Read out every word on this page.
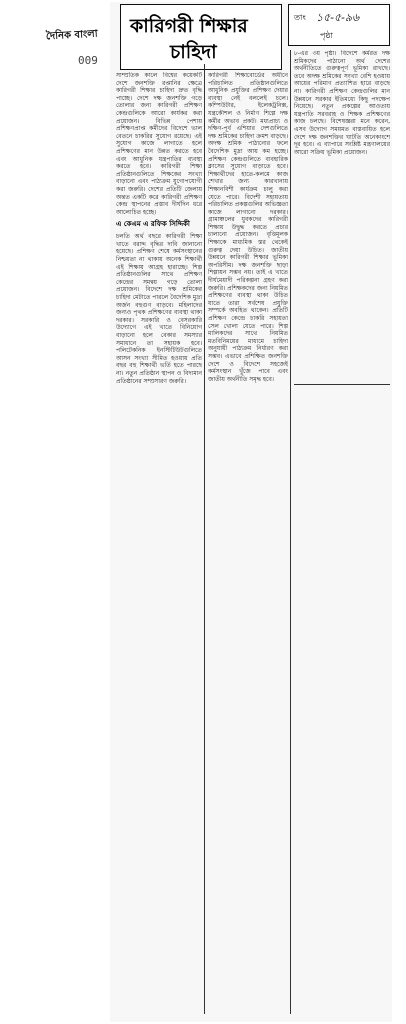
দৈনিক বাংলা
009
কারিগরী শিক্ষার
চাহিদা
তাং ১৫-৫-৯৬
পৃষ্ঠা
সাম্প্রতিক কালে বিশ্বের কয়েকটি দেশে জনশক্তি রপ্তানির ক্ষেত্রে কারিগরী শিক্ষার চাহিদা দ্রুত বৃদ্ধি পাচ্ছে। দেশে দক্ষ জনশক্তি গড়ে তোলার জন্য কারিগরী প্রশিক্ষণ কেন্দ্রগুলিকে আরো কার্যকর করা প্রয়োজন। বিভিন্ন পেশায় প্রশিক্ষণপ্রাপ্ত কর্মীদের বিদেশে ভাল বেতনে চাকরির সুযোগ রয়েছে। এই সুযোগ কাজে লাগাতে হলে প্রশিক্ষণের মান উন্নত করতে হবে এবং আধুনিক যন্ত্রপাতির ব্যবস্থা করতে হবে। কারিগরী শিক্ষা প্রতিষ্ঠানগুলিতে শিক্ষকের সংখ্যা বাড়ানো এবং পাঠ্যক্রম যুগোপযোগী করা জরুরি। দেশের প্রতিটি জেলায় অন্তত একটি করে কারিগরী প্রশিক্ষণ কেন্দ্র স্থাপনের প্রস্তাব দীর্ঘদিন ধরে আলোচিত হচ্ছে।
এ কেএম এ রফিক সিদ্দিকী
চলতি অর্থ বছরে কারিগরী শিক্ষা খাতে বরাদ্দ বৃদ্ধির দাবি জানানো হয়েছে। প্রশিক্ষণ শেষে কর্মসংস্থানের নিশ্চয়তা না থাকায় অনেক শিক্ষার্থী এই শিক্ষায় আগ্রহ হারাচ্ছে। শিল্প প্রতিষ্ঠানগুলির সাথে প্রশিক্ষণ কেন্দ্রের সমন্বয় গড়ে তোলা প্রয়োজন। বিদেশে দক্ষ শ্রমিকের চাহিদা মেটাতে পারলে বৈদেশিক মুদ্রা অর্জন বহুগুণ বাড়বে। মহিলাদের জন্যও পৃথক প্রশিক্ষণের ব্যবস্থা থাকা দরকার। সরকারি ও বেসরকারি উদ্যোগে এই খাতে বিনিয়োগ বাড়ানো হলে বেকার সমস্যার সমাধানে তা সহায়ক হবে। পলিটেকনিক ইনস্টিটিউটগুলিতে আসন সংখ্যা সীমিত হওয়ায় প্রতি বছর বহু শিক্ষার্থী ভর্তি হতে পারছে না। নতুন প্রতিষ্ঠান স্থাপন ও বিদ্যমান প্রতিষ্ঠানের সম্প্রসারণ জরুরি।
কারিগরী শিক্ষাবোর্ডের অধীনে পরিচালিত প্রতিষ্ঠানগুলিতে আধুনিক প্রযুক্তির প্রশিক্ষণ দেয়ার ব্যবস্থা নেই বললেই চলে। কম্পিউটার, ইলেকট্রনিক্স, যন্ত্রকৌশল ও নির্মাণ শিল্পে দক্ষ কর্মীর অভাব প্রকট। মধ্যপ্রাচ্য ও দক্ষিণ-পূর্ব এশিয়ার দেশগুলিতে দক্ষ শ্রমিকের চাহিদা ক্রমশ বাড়ছে। অদক্ষ শ্রমিক পাঠানোর ফলে বৈদেশিক মুদ্রা আয় কম হচ্ছে। প্রশিক্ষণ কেন্দ্রগুলিতে ব্যবহারিক ক্লাসের সুযোগ বাড়াতে হবে। শিক্ষার্থীদের হাতে-কলমে কাজ শেখার জন্য কারখানায় শিক্ষানবিশী কার্যক্রম চালু করা যেতে পারে। বিদেশী সহায়তায় পরিচালিত প্রকল্পগুলির অভিজ্ঞতা কাজে লাগানো দরকার। গ্রামাঞ্চলের যুবকদের কারিগরী শিক্ষায় উদ্বুদ্ধ করতে প্রচার চালানো প্রয়োজন। বৃত্তিমূলক শিক্ষাকে মাধ্যমিক স্তর থেকেই গুরুত্ব দেয়া উচিত। জাতীয় উন্নয়নে কারিগরী শিক্ষার ভূমিকা অপরিসীম। দক্ষ জনশক্তি ছাড়া শিল্পায়ন সম্ভব নয়। তাই এ খাতে দীর্ঘমেয়াদী পরিকল্পনা গ্রহণ করা জরুরি। প্রশিক্ষকদের জন্য নিয়মিত প্রশিক্ষণের ব্যবস্থা থাকা উচিত যাতে তারা সর্বশেষ প্রযুক্তি সম্পর্কে অবহিত থাকেন। প্রতিটি প্রশিক্ষণ কেন্দ্রে চাকরি সহায়তা সেল খোলা যেতে পারে। শিল্প মালিকদের সাথে নিয়মিত মতবিনিময়ের মাধ্যমে চাহিদা অনুযায়ী পাঠ্যক্রম নির্ধারণ করা সম্ভব। এভাবে প্রশিক্ষিত জনশক্তি দেশে ও বিদেশে সহজেই কর্মসংস্থান খুঁজে পাবে এবং জাতীয় অর্থনীতি সমৃদ্ধ হবে।
৮-এর ৩য় পৃষ্ঠা। বিদেশে কর্মরত দক্ষ শ্রমিকদের পাঠানো অর্থ দেশের অর্থনীতিতে গুরুত্বপূর্ণ ভূমিকা রাখছে। তবে অদক্ষ শ্রমিকের সংখ্যা বেশি হওয়ায় আয়ের পরিমাণ প্রত্যাশিত হারে বাড়ছে না। কারিগরী প্রশিক্ষণ কেন্দ্রগুলির মান উন্নয়নে সরকার ইতিমধ্যে কিছু পদক্ষেপ নিয়েছে। নতুন প্রকল্পের আওতায় যন্ত্রপাতি সরবরাহ ও শিক্ষক প্রশিক্ষণের কাজ চলছে। বিশেষজ্ঞরা মনে করেন, এসব উদ্যোগ সময়মত বাস্তবায়িত হলে দেশে দক্ষ জনশক্তির ঘাটতি অনেকাংশে দূর হবে। এ ব্যাপারে সংশ্লিষ্ট মন্ত্রণালয়ের আরো সক্রিয় ভূমিকা প্রয়োজন।
